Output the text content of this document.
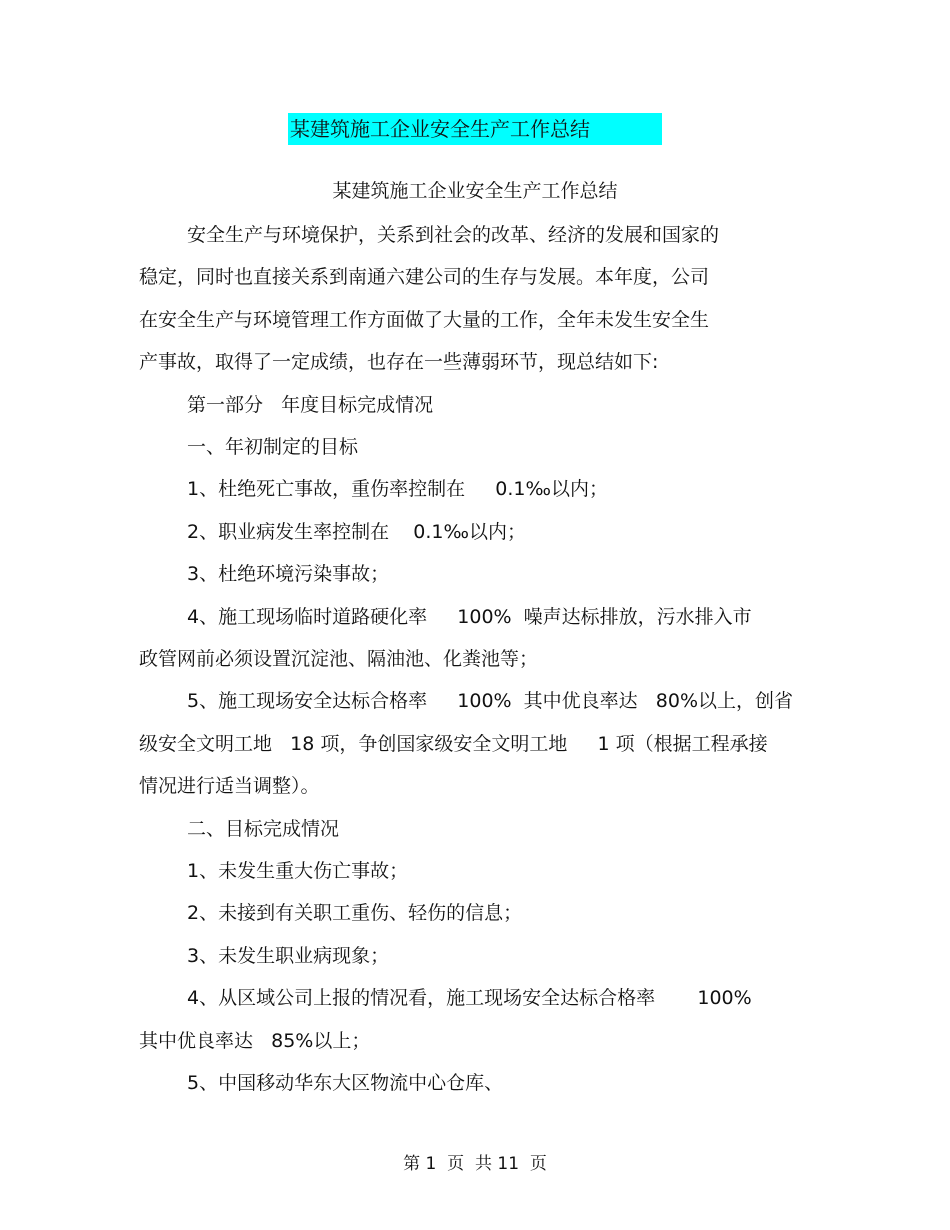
某建筑施工企业安全生产工作总结
某建筑施工企业安全生产工作总结
安全生产与环境保护，关系到社会的改革、经济的发展和国家的
稳定，同时也直接关系到南通六建公司的生存与发展。本年度，公司
在安全生产与环境管理工作方面做了大量的工作，全年未发生安全生
产事故，取得了一定成绩，也存在一些薄弱环节，现总结如下:
第一部分   年度目标完成情况
一、年初制定的目标
1、杜绝死亡事故，重伤率控制在     0.1‰以内；
2、职业病发生率控制在    0.1‰以内；
3、杜绝环境污染事故；
4、施工现场临时道路硬化率     100%  噪声达标排放，污水排入市
政管网前必须设置沉淀池、隔油池、化粪池等；
5、施工现场安全达标合格率     100%  其中优良率达   80%以上，创省
级安全文明工地   18 项，争创国家级安全文明工地     1 项（根据工程承接
情况进行适当调整）。
二、目标完成情况
1、未发生重大伤亡事故；
2、未接到有关职工重伤、轻伤的信息；
3、未发生职业病现象；
4、从区域公司上报的情况看，施工现场安全达标合格率       100%
其中优良率达   85%以上；
5、中国移动华东大区物流中心仓库、
第 1  页  共 11  页
